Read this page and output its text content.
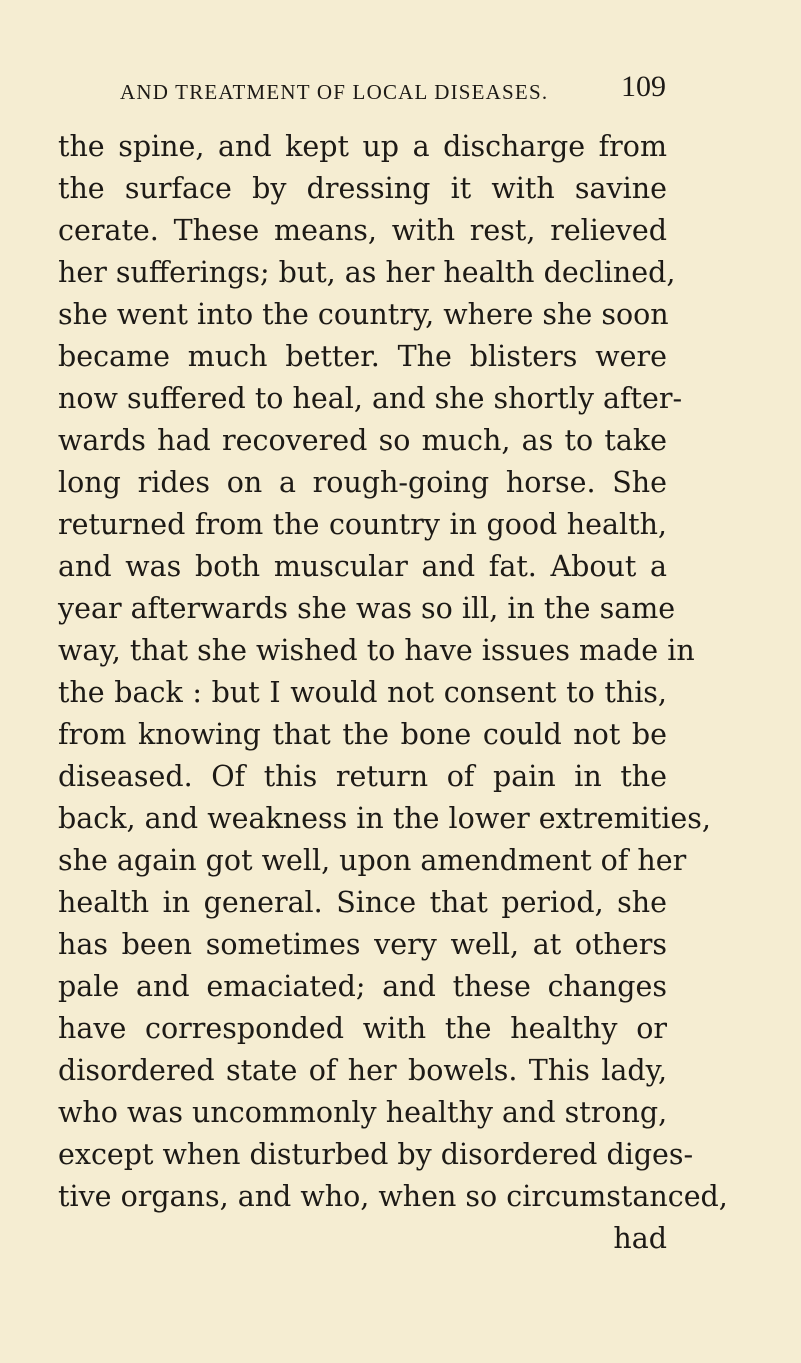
AND TREATMENT OF LOCAL DISEASES. 109
the spine, and kept up a discharge from
the surface by dressing it with savine
cerate. These means, with rest, relieved
her sufferings; but, as her health declined,
she went into the country, where she soon
became much better. The blisters were
now suffered to heal, and she shortly after-
wards had recovered so much, as to take
long rides on a rough-going horse. She
returned from the country in good health,
and was both muscular and fat. About a
year afterwards she was so ill, in the same
way, that she wished to have issues made in
the back : but I would not consent to this,
from knowing that the bone could not be
diseased. Of this return of pain in the
back, and weakness in the lower extremities,
she again got well, upon amendment of her
health in general. Since that period, she
has been sometimes very well, at others
pale and emaciated; and these changes
have corresponded with the healthy or
disordered state of her bowels. This lady,
who was uncommonly healthy and strong,
except when disturbed by disordered diges-
tive organs, and who, when so circumstanced,
had
